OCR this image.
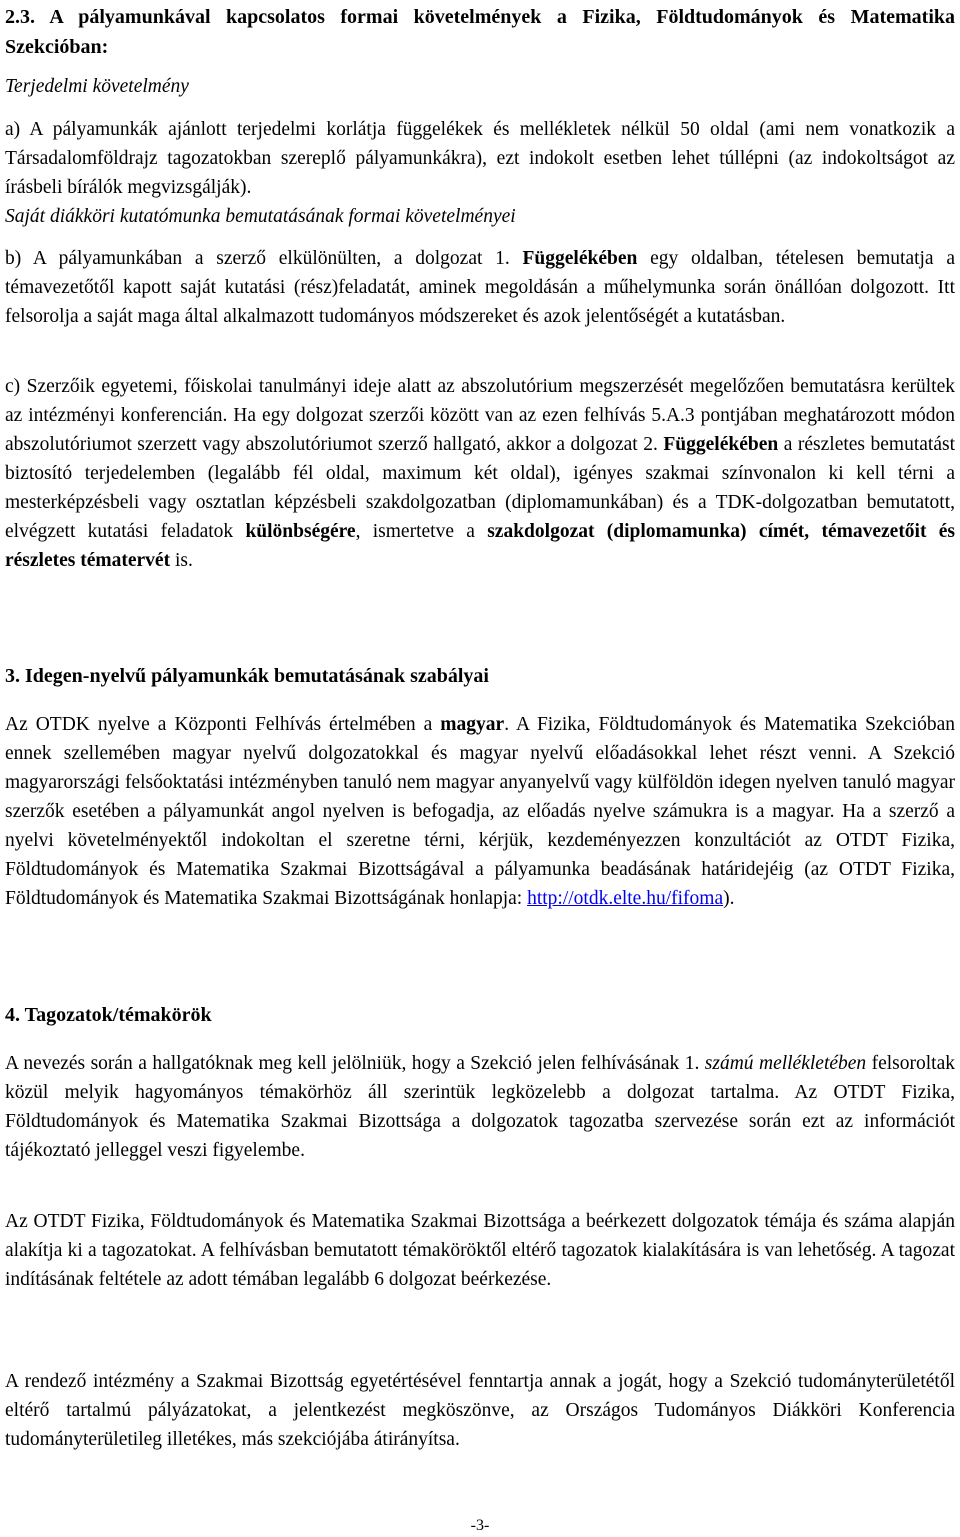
2.3. A pályamunkával kapcsolatos formai követelmények a Fizika, Földtudományok és Matematika Szekcióban:

Terjedelmi követelmény

a) A pályamunkák ajánlott terjedelmi korlátja függelékek és mellékletek nélkül 50 oldal (ami nem vonatkozik a Társadalomföldrajz tagozatokban szereplő pályamunkákra), ezt indokolt esetben lehet túllépni (az indokoltságot az írásbeli bírálók megvizsgálják).

Saját diákköri kutatómunka bemutatásának formai követelményei

b) A pályamunkában a szerző elkülönülten, a dolgozat 1. Függelékében egy oldalban, tételesen bemutatja a témavezetőtől kapott saját kutatási (rész)feladatát, aminek megoldásán a műhelymunka során önállóan dolgozott. Itt felsorolja a saját maga által alkalmazott tudományos módszereket és azok jelentőségét a kutatásban.

c) Szerzőik egyetemi, főiskolai tanulmányi ideje alatt az abszolutórium megszerzését megelőzően bemutatásra kerültek az intézményi konferencián. Ha egy dolgozat szerzői között van az ezen felhívás 5.A.3 pontjában meghatározott módon abszolutóriumot szerzett vagy abszolutóriumot szerző hallgató, akkor a dolgozat 2. Függelékében a részletes bemutatást biztosító terjedelemben (legalább fél oldal, maximum két oldal), igényes szakmai színvonalon ki kell térni a mesterképzésbeli vagy osztatlan képzésbeli szakdolgozatban (diplomamunkában) és a TDK-dolgozatban bemutatott, elvégzett kutatási feladatok különbségére, ismertetve a szakdolgozat (diplomamunka) címét, témavezetőit és részletes tématervét is.

3. Idegen-nyelvű pályamunkák bemutatásának szabályai

Az OTDK nyelve a Központi Felhívás értelmében a magyar. A Fizika, Földtudományok és Matematika Szekcióban ennek szellemében magyar nyelvű dolgozatokkal és magyar nyelvű előadásokkal lehet részt venni. A Szekció magyarországi felsőoktatási intézményben tanuló nem magyar anyanyelvű vagy külföldön idegen nyelven tanuló magyar szerzők esetében a pályamunkát angol nyelven is befogadja, az előadás nyelve számukra is a magyar. Ha a szerző a nyelvi követelményektől indokoltan el szeretne térni, kérjük, kezdeményezzen konzultációt az OTDT Fizika, Földtudományok és Matematika Szakmai Bizottságával a pályamunka beadásának határidejéig (az OTDT Fizika, Földtudományok és Matematika Szakmai Bizottságának honlapja: http://otdk.elte.hu/fifoma).

4. Tagozatok/témakörök

A nevezés során a hallgatóknak meg kell jelölniük, hogy a Szekció jelen felhívásának 1. számú mellékletében felsoroltak közül melyik hagyományos témakörhöz áll szerintük legközelebb a dolgozat tartalma. Az OTDT Fizika, Földtudományok és Matematika Szakmai Bizottsága a dolgozatok tagozatba szervezése során ezt az információt tájékoztató jelleggel veszi figyelembe.

Az OTDT Fizika, Földtudományok és Matematika Szakmai Bizottsága a beérkezett dolgozatok témája és száma alapján alakítja ki a tagozatokat. A felhívásban bemutatott témaköröktől eltérő tagozatok kialakítására is van lehetőség. A tagozat indításának feltétele az adott témában legalább 6 dolgozat beérkezése.

A rendező intézmény a Szakmai Bizottság egyetértésével fenntartja annak a jogát, hogy a Szekció tudományterületétől eltérő tartalmú pályázatokat, a jelentkezést megköszönve, az Országos Tudományos Diákköri Konferencia tudományterületileg illetékes, más szekciójába átirányítsa.

-3-
